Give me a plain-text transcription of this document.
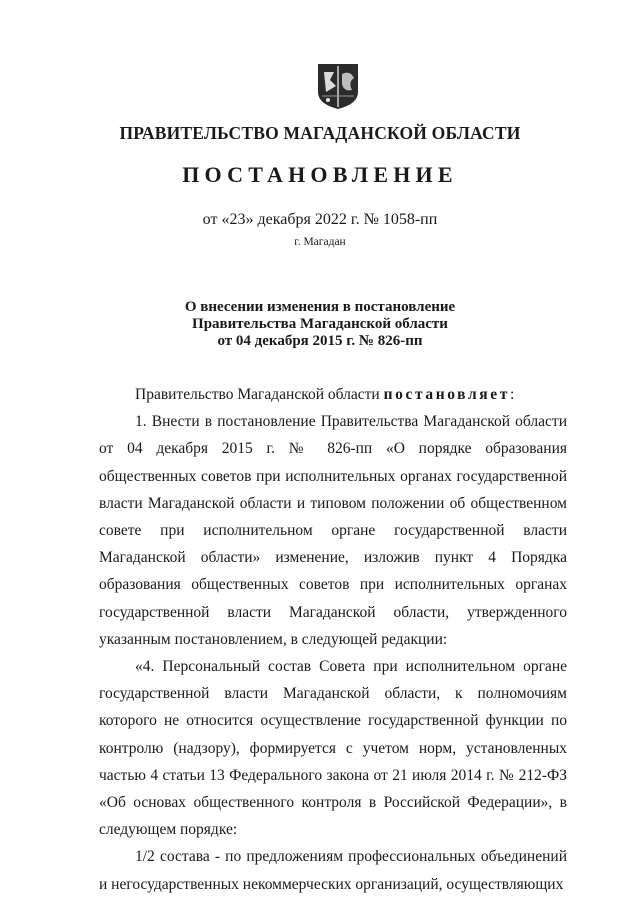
ПРАВИТЕЛЬСТВО МАГАДАНСКОЙ ОБЛАСТИ
ПОСТАНОВЛЕНИЕ
от «23» декабря 2022 г. № 1058-пп
г. Магадан
О внесении изменения в постановление
Правительства Магаданской области
от 04 декабря 2015 г. № 826-пп

Правительство Магаданской области постановляет:

1. Внести в постановление Правительства Магаданской области от 04 декабря 2015 г. № 826-пп «О порядке образования общественных советов при исполнительных органах государственной власти Магаданской области и типовом положении об общественном совете при исполнительном органе государственной власти Магаданской области» изменение, изложив пункт 4 Порядка образования общественных советов при исполнительных органах государственной власти Магаданской области, утвержденного указанным постановлением, в следующей редакции:

«4. Персональный состав Совета при исполнительном органе государственной власти Магаданской области, к полномочиям которого не относится осуществление государственной функции по контролю (надзору), формируется с учетом норм, установленных частью 4 статьи 13 Федерального закона от 21 июля 2014 г. № 212-ФЗ «Об основах общественного контроля в Российской Федерации», в следующем порядке:

1/2 состава - по предложениям профессиональных объединений и негосударственных некоммерческих организаций, осуществляющих
